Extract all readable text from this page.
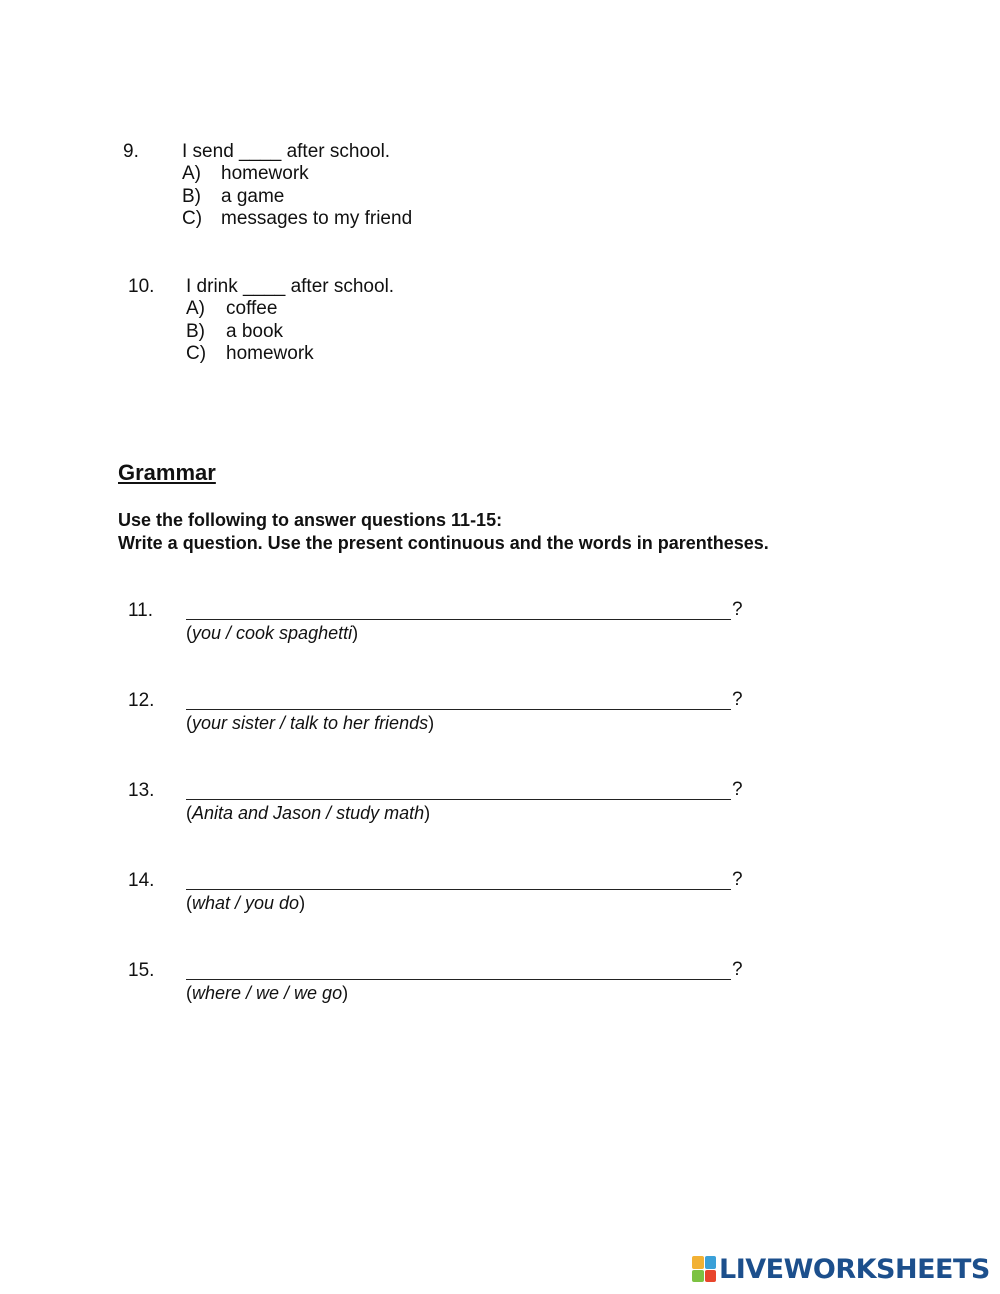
9. I send ____ after school.
A) homework
B) a game
C) messages to my friend
10. I drink ____ after school.
A) coffee
B) a book
C) homework
Grammar
Use the following to answer questions 11-15:
Write a question. Use the present continuous and the words in parentheses.
11.	?
(you / cook spaghetti)
12.	?
(your sister / talk to her friends)
13.	?
(Anita and Jason / study math)
14.	?
(what / you do)
15.	?
(where / we / we go)
LIVEWORKSHEETS
